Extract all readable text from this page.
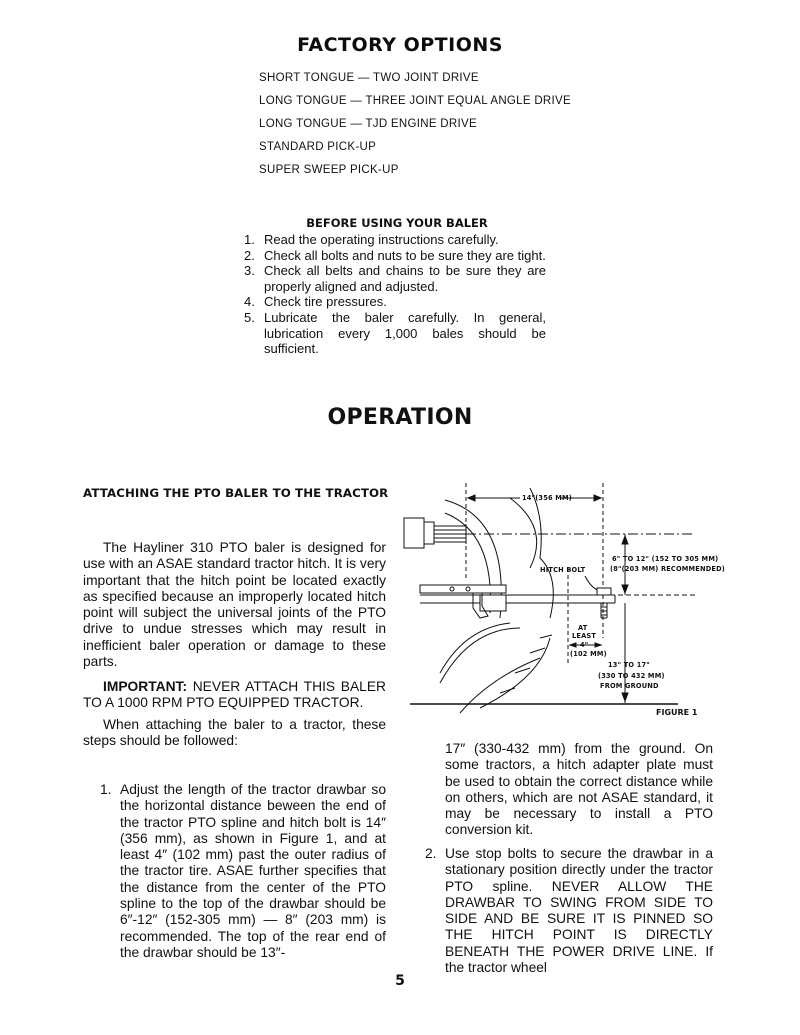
FACTORY OPTIONS
SHORT TONGUE — TWO JOINT DRIVE
LONG TONGUE — THREE JOINT EQUAL ANGLE DRIVE
LONG TONGUE — TJD ENGINE DRIVE
STANDARD PICK-UP
SUPER SWEEP PICK-UP
BEFORE USING YOUR BALER
1. Read the operating instructions carefully.
2. Check all bolts and nuts to be sure they are tight.
3. Check all belts and chains to be sure they are properly aligned and adjusted.
4. Check tire pressures.
5. Lubricate the baler carefully. In general, lubrication every 1,000 bales should be sufficient.
OPERATION
ATTACHING THE PTO BALER TO THE TRACTOR

The Hayliner 310 PTO baler is designed for use with an ASAE standard tractor hitch. It is very important that the hitch point be located exactly as specified because an improperly located hitch point will subject the universal joints of the PTO drive to undue stresses which may result in inefficient baler operation or damage to these parts.

IMPORTANT: NEVER ATTACH THIS BALER TO A 1000 RPM PTO EQUIPPED TRACTOR.

When attaching the baler to a tractor, these steps should be followed:

1. Adjust the length of the tractor drawbar so the horizontal distance beween the end of the tractor PTO spline and hitch bolt is 14″ (356 mm), as shown in Figure 1, and at least 4″ (102 mm) past the outer radius of the tractor tire. ASAE further specifies that the distance from the center of the PTO spline to the top of the drawbar should be 6″-12″ (152-305 mm) — 8″ (203 mm) is recommended. The top of the rear end of the drawbar should be 13″-

17″ (330-432 mm) from the ground. On some tractors, a hitch adapter plate must be used to obtain the correct distance while on others, which are not ASAE standard, it may be necessary to install a PTO conversion kit.

2. Use stop bolts to secure the drawbar in a stationary position directly under the tractor PTO spline. NEVER ALLOW THE DRAWBAR TO SWING FROM SIDE TO SIDE AND BE SURE IT IS PINNED SO THE HITCH POINT IS DIRECTLY BENEATH THE POWER DRIVE LINE. If the tractor wheel
14"(356 MM)
HITCH BOLT
6" TO 12" (152 TO 305 MM)
(8"(203 MM) RECOMMENDED)
AT
LEAST
4"
(102 MM)
13" TO 17"
(330 TO 432 MM)
FROM GROUND
FIGURE 1
5
